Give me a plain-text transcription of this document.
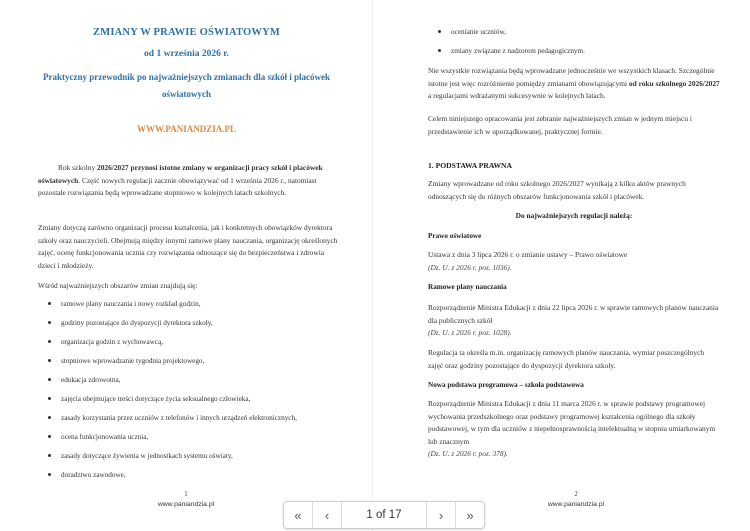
ZMIANY W PRAWIE OŚWIATOWYM
od 1 września 2026 r.
Praktyczny przewodnik po najważniejszych zmianach dla szkół i placówek
oświatowych
WWW.PANIANDZIA.PL

Rok szkolny 2026/2027 przynosi istotne zmiany w organizacji pracy szkół i placówek oświatowych. Część nowych regulacji zacznie obowiązywać od 1 września 2026 r., natomiast pozostałe rozwiązania będą wprowadzane stopniowo w kolejnych latach szkolnych.

Zmiany dotyczą zarówno organizacji procesu kształcenia, jak i konkretnych obowiązków dyrektora szkoły oraz nauczycieli. Obejmują między innymi ramowe plany nauczania, organizację określonych zajęć, ocenę funkcjonowania ucznia czy rozwiązania odnoszące się do bezpieczeństwa i zdrowia dzieci i młodzieży.

Wśród najważniejszych obszarów zmian znajdują się:

ramowe plany nauczania i nowy rozkład godzin,
godziny pozostające do dyspozycji dyrektora szkoły,
organizacja godzin z wychowawcą,
stopniowe wprowadzanie tygodnia projektowego,
edukacja zdrowotna,
zajęcia obejmujące treści dotyczące życia seksualnego człowieka,
zasady korzystania przez uczniów z telefonów i innych urządzeń elektronicznych,
ocena funkcjonowania ucznia,
zasady dotyczące żywienia w jednostkach systemu oświaty,
doradztwo zawodowe,
1
www.paniandzia.pl
ocenianie uczniów,
zmiany związane z nadzorem pedagogicznym.

Nie wszystkie rozwiązania będą wprowadzane jednocześnie we wszystkich klasach. Szczególnie istotne jest więc rozróżnienie pomiędzy zmianami obowiązującymi od roku szkolnego 2026/2027 a regulacjami wdrażanymi sukcesywnie w kolejnych latach.

Celem niniejszego opracowania jest zebranie najważniejszych zmian w jednym miejscu i przedstawienie ich w uporządkowanej, praktycznej formie.

1. PODSTAWA PRAWNA

Zmiany wprowadzane od roku szkolnego 2026/2027 wynikają z kilku aktów prawnych odnoszących się do różnych obszarów funkcjonowania szkół i placówek.

Do najważniejszych regulacji należą:
Prawo oświatowe

Ustawa z dnia 3 lipca 2026 r. o zmianie ustawy – Prawo oświatowe
(Dz. U. z 2026 r. poz. 1036).

Ramowe plany nauczania

Rozporządzenie Ministra Edukacji z dnia 22 lipca 2026 r. w sprawie ramowych planów nauczania dla publicznych szkół
(Dz. U. z 2026 r. poz. 1028).

Regulacja ta określa m.in. organizację ramowych planów nauczania, wymiar poszczególnych zajęć oraz godziny pozostające do dyspozycji dyrektora szkoły.

Nowa podstawa programowa – szkoła podstawowa

Rozporządzenie Ministra Edukacji z dnia 11 marca 2026 r. w sprawie podstawy programowej wychowania przedszkolnego oraz podstawy programowej kształcenia ogólnego dla szkoły podstawowej, w tym dla uczniów z niepełnosprawnością intelektualną w stopniu umiarkowanym lub znacznym
(Dz. U. z 2026 r. poz. 378).

2
www.paniandzia.pl
« ‹	1 of 17	› »
